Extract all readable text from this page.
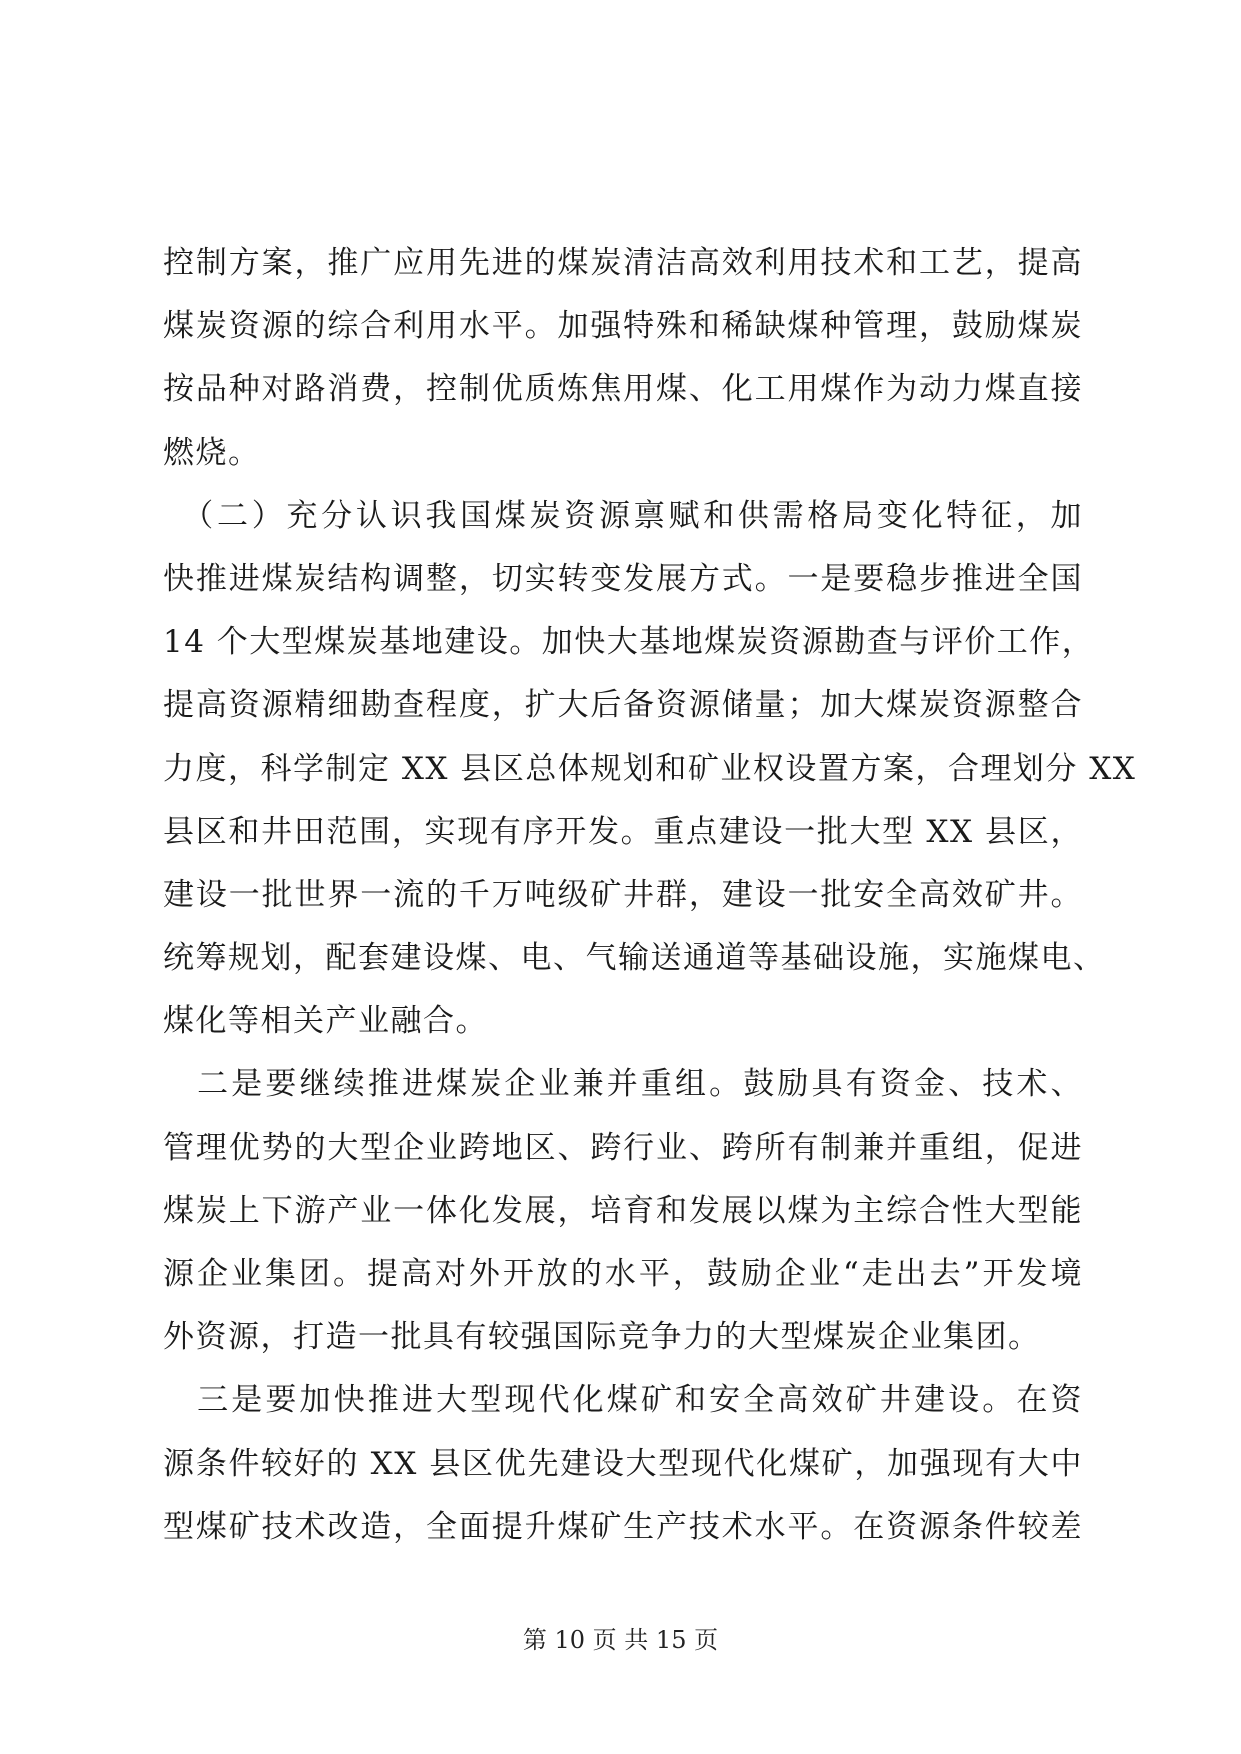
控制方案，推广应用先进的煤炭清洁高效利用技术和工艺，提高
煤炭资源的综合利用水平。加强特殊和稀缺煤种管理，鼓励煤炭
按品种对路消费，控制优质炼焦用煤、化工用煤作为动力煤直接
燃烧。
　（二）充分认识我国煤炭资源禀赋和供需格局变化特征，加
快推进煤炭结构调整，切实转变发展方式。一是要稳步推进全国
14 个大型煤炭基地建设。加快大基地煤炭资源勘查与评价工作，
提高资源精细勘查程度，扩大后备资源储量；加大煤炭资源整合
力度，科学制定 XX 县区总体规划和矿业权设置方案，合理划分 XX
县区和井田范围，实现有序开发。重点建设一批大型 XX 县区，
建设一批世界一流的千万吨级矿井群，建设一批安全高效矿井。
统筹规划，配套建设煤、电、气输送通道等基础设施，实施煤电、
煤化等相关产业融合。
　二是要继续推进煤炭企业兼并重组。鼓励具有资金、技术、
管理优势的大型企业跨地区、跨行业、跨所有制兼并重组，促进
煤炭上下游产业一体化发展，培育和发展以煤为主综合性大型能
源企业集团。提高对外开放的水平，鼓励企业“走出去”开发境
外资源，打造一批具有较强国际竞争力的大型煤炭企业集团。
　三是要加快推进大型现代化煤矿和安全高效矿井建设。在资
源条件较好的 XX 县区优先建设大型现代化煤矿，加强现有大中
型煤矿技术改造，全面提升煤矿生产技术水平。在资源条件较差
第 10 页 共 15 页
